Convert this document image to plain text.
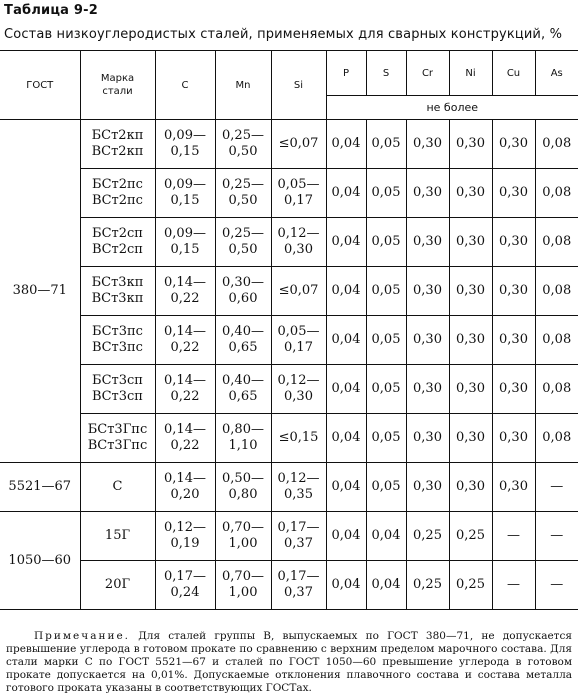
Таблица 9-2
Состав низкоуглеродистых сталей, применяемых для сварных конструкций, %
ГОСТ	Марка стали	C	Mn	Si	P	S	Cr	Ni	Cu	As
					не более					
380—71	БСт2кп ВСт2кп	0,09—0,15	0,25—0,50	≤0,07	0,04	0,05	0,30	0,30	0,30	0,08
	БСт2пс ВСт2пс	0,09—0,15	0,25—0,50	0,05—0,17	0,04	0,05	0,30	0,30	0,30	0,08
	БСт2сп ВСт2сп	0,09—0,15	0,25—0,50	0,12—0,30	0,04	0,05	0,30	0,30	0,30	0,08
	БСт3кп ВСт3кп	0,14—0,22	0,30—0,60	≤0,07	0,04	0,05	0,30	0,30	0,30	0,08
	БСт3пс ВСт3пс	0,14—0,22	0,40—0,65	0,05—0,17	0,04	0,05	0,30	0,30	0,30	0,08
	БСт3сп ВСт3сп	0,14—0,22	0,40—0,65	0,12—0,30	0,04	0,05	0,30	0,30	0,30	0,08
	БСт3Гпс ВСт3Гпс	0,14—0,22	0,80—1,10	≤0,15	0,04	0,05	0,30	0,30	0,30	0,08
5521—67	С	0,14—0,20	0,50—0,80	0,12—0,35	0,04	0,05	0,30	0,30	0,30	—
1050—60	15Г	0,12—0,19	0,70—1,00	0,17—0,37	0,04	0,04	0,25	0,25	—	—
	20Г	0,17—0,24	0,70—1,00	0,17—0,37	0,04	0,04	0,25	0,25	—	—
Примечание. Для сталей группы В, выпускаемых по ГОСТ 380—71, не допускается превышение углерода в готовом прокате по сравнению с верхним пределом марочного состава. Для стали марки С по ГОСТ 5521—67 и сталей по ГОСТ 1050—60 превышение углерода в готовом прокате допускается на 0,01%. Допускаемые отклонения плавочного состава и состава металла готового проката указаны в соответствующих ГОСТах.
